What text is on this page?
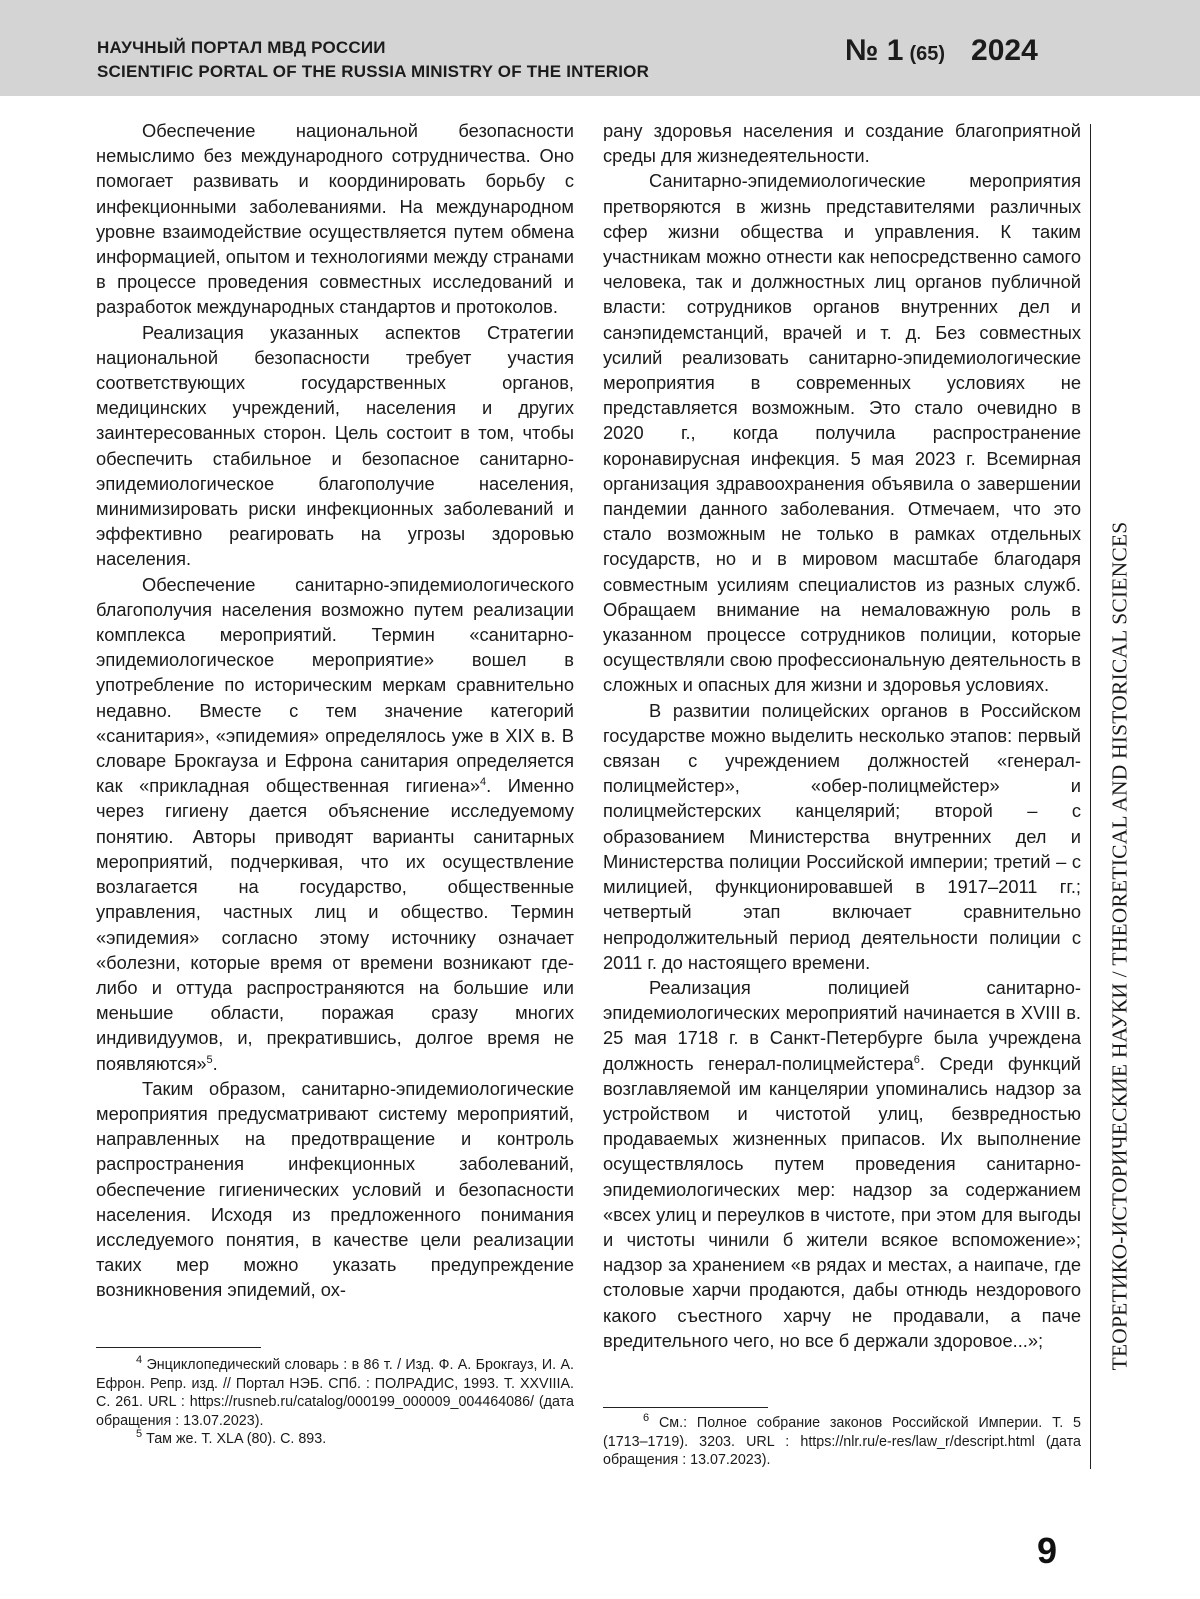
НАУЧНЫЙ ПОРТАЛ МВД РОССИИ
SCIENTIFIC PORTAL OF THE RUSSIA MINISTRY OF THE INTERIOR
№ 1 (65) 2024

Обеспечение национальной безопасности немыслимо без международного сотрудничества. Оно помогает развивать и координировать борьбу с инфекционными заболеваниями. На международном уровне взаимодействие осуществляется путем обмена информацией, опытом и технологиями между странами в процессе проведения совместных исследований и разработок международных стандартов и протоколов.

Реализация указанных аспектов Стратегии национальной безопасности требует участия соответствующих государственных органов, медицинских учреждений, населения и других заинтересованных сторон. Цель состоит в том, чтобы обеспечить стабильное и безопасное санитарно-эпидемиологическое благополучие населения, минимизировать риски инфекционных заболеваний и эффективно реагировать на угрозы здоровью населения.

Обеспечение санитарно-эпидемиологического благополучия населения возможно путем реализации комплекса мероприятий. Термин «санитарно-эпидемиологическое мероприятие» вошел в употребление по историческим меркам сравнительно недавно. Вместе с тем значение категорий «санитария», «эпидемия» определялось уже в XIX в. В словаре Брокгауза и Ефрона санитария определяется как «прикладная общественная гигиена»$^4$. Именно через гигиену дается объяснение исследуемому понятию. Авторы приводят варианты санитарных мероприятий, подчеркивая, что их осуществление возлагается на государство, общественные управления, частных лиц и общество. Термин «эпидемия» согласно этому источнику означает «болезни, которые время от времени возникают где-либо и оттуда распространяются на большие или меньшие области, поражая сразу многих индивидуумов, и, прекратившись, долгое время не появляются»$^5$.

Таким образом, санитарно-эпидемиологические мероприятия предусматривают систему мероприятий, направленных на предотвращение и контроль распространения инфекционных заболеваний, обеспечение гигиенических условий и безопасности населения. Исходя из предложенного понимания исследуемого понятия, в качестве цели реализации таких мер можно указать предупреждение возникновения эпидемий, ох-

$^4$ Энциклопедический словарь : в 86 т. / Изд. Ф. А. Брокгауз, И. А. Ефрон. Репр. изд. // Портал НЭБ. СПб. : ПОЛРАДИС, 1993. Т. XXVIIIA. С. 261. URL : https://rusneb.ru/catalog/000199_000009_004464086/ (дата обращения : 13.07.2023).

$^5$ Там же. Т. XLA (80). С. 893.

рану здоровья населения и создание благоприятной среды для жизнедеятельности.

Санитарно-эпидемиологические мероприятия претворяются в жизнь представителями различных сфер жизни общества и управления. К таким участникам можно отнести как непосредственно самого человека, так и должностных лиц органов публичной власти: сотрудников органов внутренних дел и санэпидемстанций, врачей и т. д. Без совместных усилий реализовать санитарно-эпидемиологические мероприятия в современных условиях не представляется возможным. Это стало очевидно в 2020 г., когда получила распространение коронавирусная инфекция. 5 мая 2023 г. Всемирная организация здравоохранения объявила о завершении пандемии данного заболевания. Отмечаем, что это стало возможным не только в рамках отдельных государств, но и в мировом масштабе благодаря совместным усилиям специалистов из разных служб. Обращаем внимание на немаловажную роль в указанном процессе сотрудников полиции, которые осуществляли свою профессиональную деятельность в сложных и опасных для жизни и здоровья условиях.

В развитии полицейских органов в Российском государстве можно выделить несколько этапов: первый связан с учреждением должностей «генерал-полицмейстер», «обер-полицмейстер» и полицмейстерских канцелярий; второй – с образованием Министерства внутренних дел и Министерства полиции Российской империи; третий – с милицией, функционировавшей в 1917–2011 гг.; четвертый этап включает сравнительно непродолжительный период деятельности полиции с 2011 г. до настоящего времени.

Реализация полицией санитарно-эпидемиологических мероприятий начинается в XVIII в. 25 мая 1718 г. в Санкт-Петербурге была учреждена должность генерал-полицмейстера$^6$. Среди функций возглавляемой им канцелярии упоминались надзор за устройством и чистотой улиц, безвредностью продаваемых жизненных припасов. Их выполнение осуществлялось путем проведения санитарно-эпидемиологических мер: надзор за содержанием «всех улиц и переулков в чистоте, при этом для выгоды и чистоты чинили б жители всякое вспоможение»; надзор за хранением «в рядах и местах, а наипаче, где столовые харчи продаются, дабы отнюдь нездорового какого съестного харчу не продавали, а паче вредительного чего, но все б держали здоровое...»;

$^6$ См.: Полное собрание законов Российской Империи. Т. 5 (1713–1719). 3203. URL : https://nlr.ru/e-res/law_r/descript.html (дата обращения : 13.07.2023).

ТЕОРЕТИКО-ИСТОРИЧЕСКИЕ НАУКИ / THEORETICAL AND HISTORICAL SCIENCES
9
